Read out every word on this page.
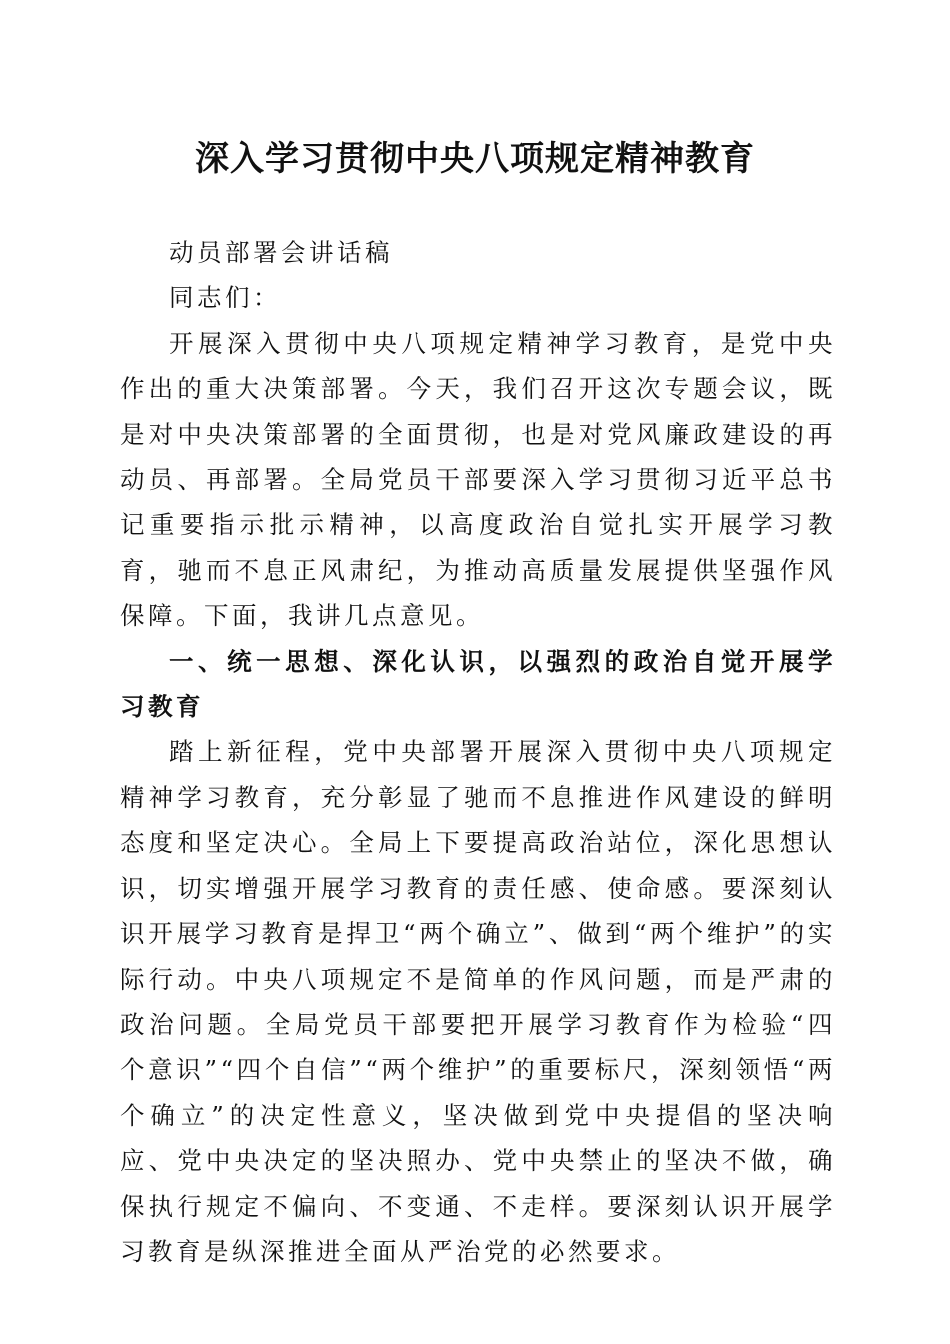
深入学习贯彻中央八项规定精神教育

动员部署会讲话稿

同志们：

开展深入贯彻中央八项规定精神学习教育，是党中央作出的重大决策部署。今天，我们召开这次专题会议，既是对中央决策部署的全面贯彻，也是对党风廉政建设的再动员、再部署。全局党员干部要深入学习贯彻习近平总书记重要指示批示精神，以高度政治自觉扎实开展学习教育，驰而不息正风肃纪，为推动高质量发展提供坚强作风保障。下面，我讲几点意见。

一、统一思想、深化认识，以强烈的政治自觉开展学习教育

踏上新征程，党中央部署开展深入贯彻中央八项规定精神学习教育，充分彰显了驰而不息推进作风建设的鲜明态度和坚定决心。全局上下要提高政治站位，深化思想认识，切实增强开展学习教育的责任感、使命感。要深刻认识开展学习教育是捍卫“两个确立”、做到“两个维护”的实际行动。中央八项规定不是简单的作风问题，而是严肃的政治问题。全局党员干部要把开展学习教育作为检验“四个意识”“四个自信”“两个维护”的重要标尺，深刻领悟“两个确立”的决定性意义，坚决做到党中央提倡的坚决响应、党中央决定的坚决照办、党中央禁止的坚决不做，确保执行规定不偏向、不变通、不走样。要深刻认识开展学习教育是纵深推进全面从严治党的必然要求。
